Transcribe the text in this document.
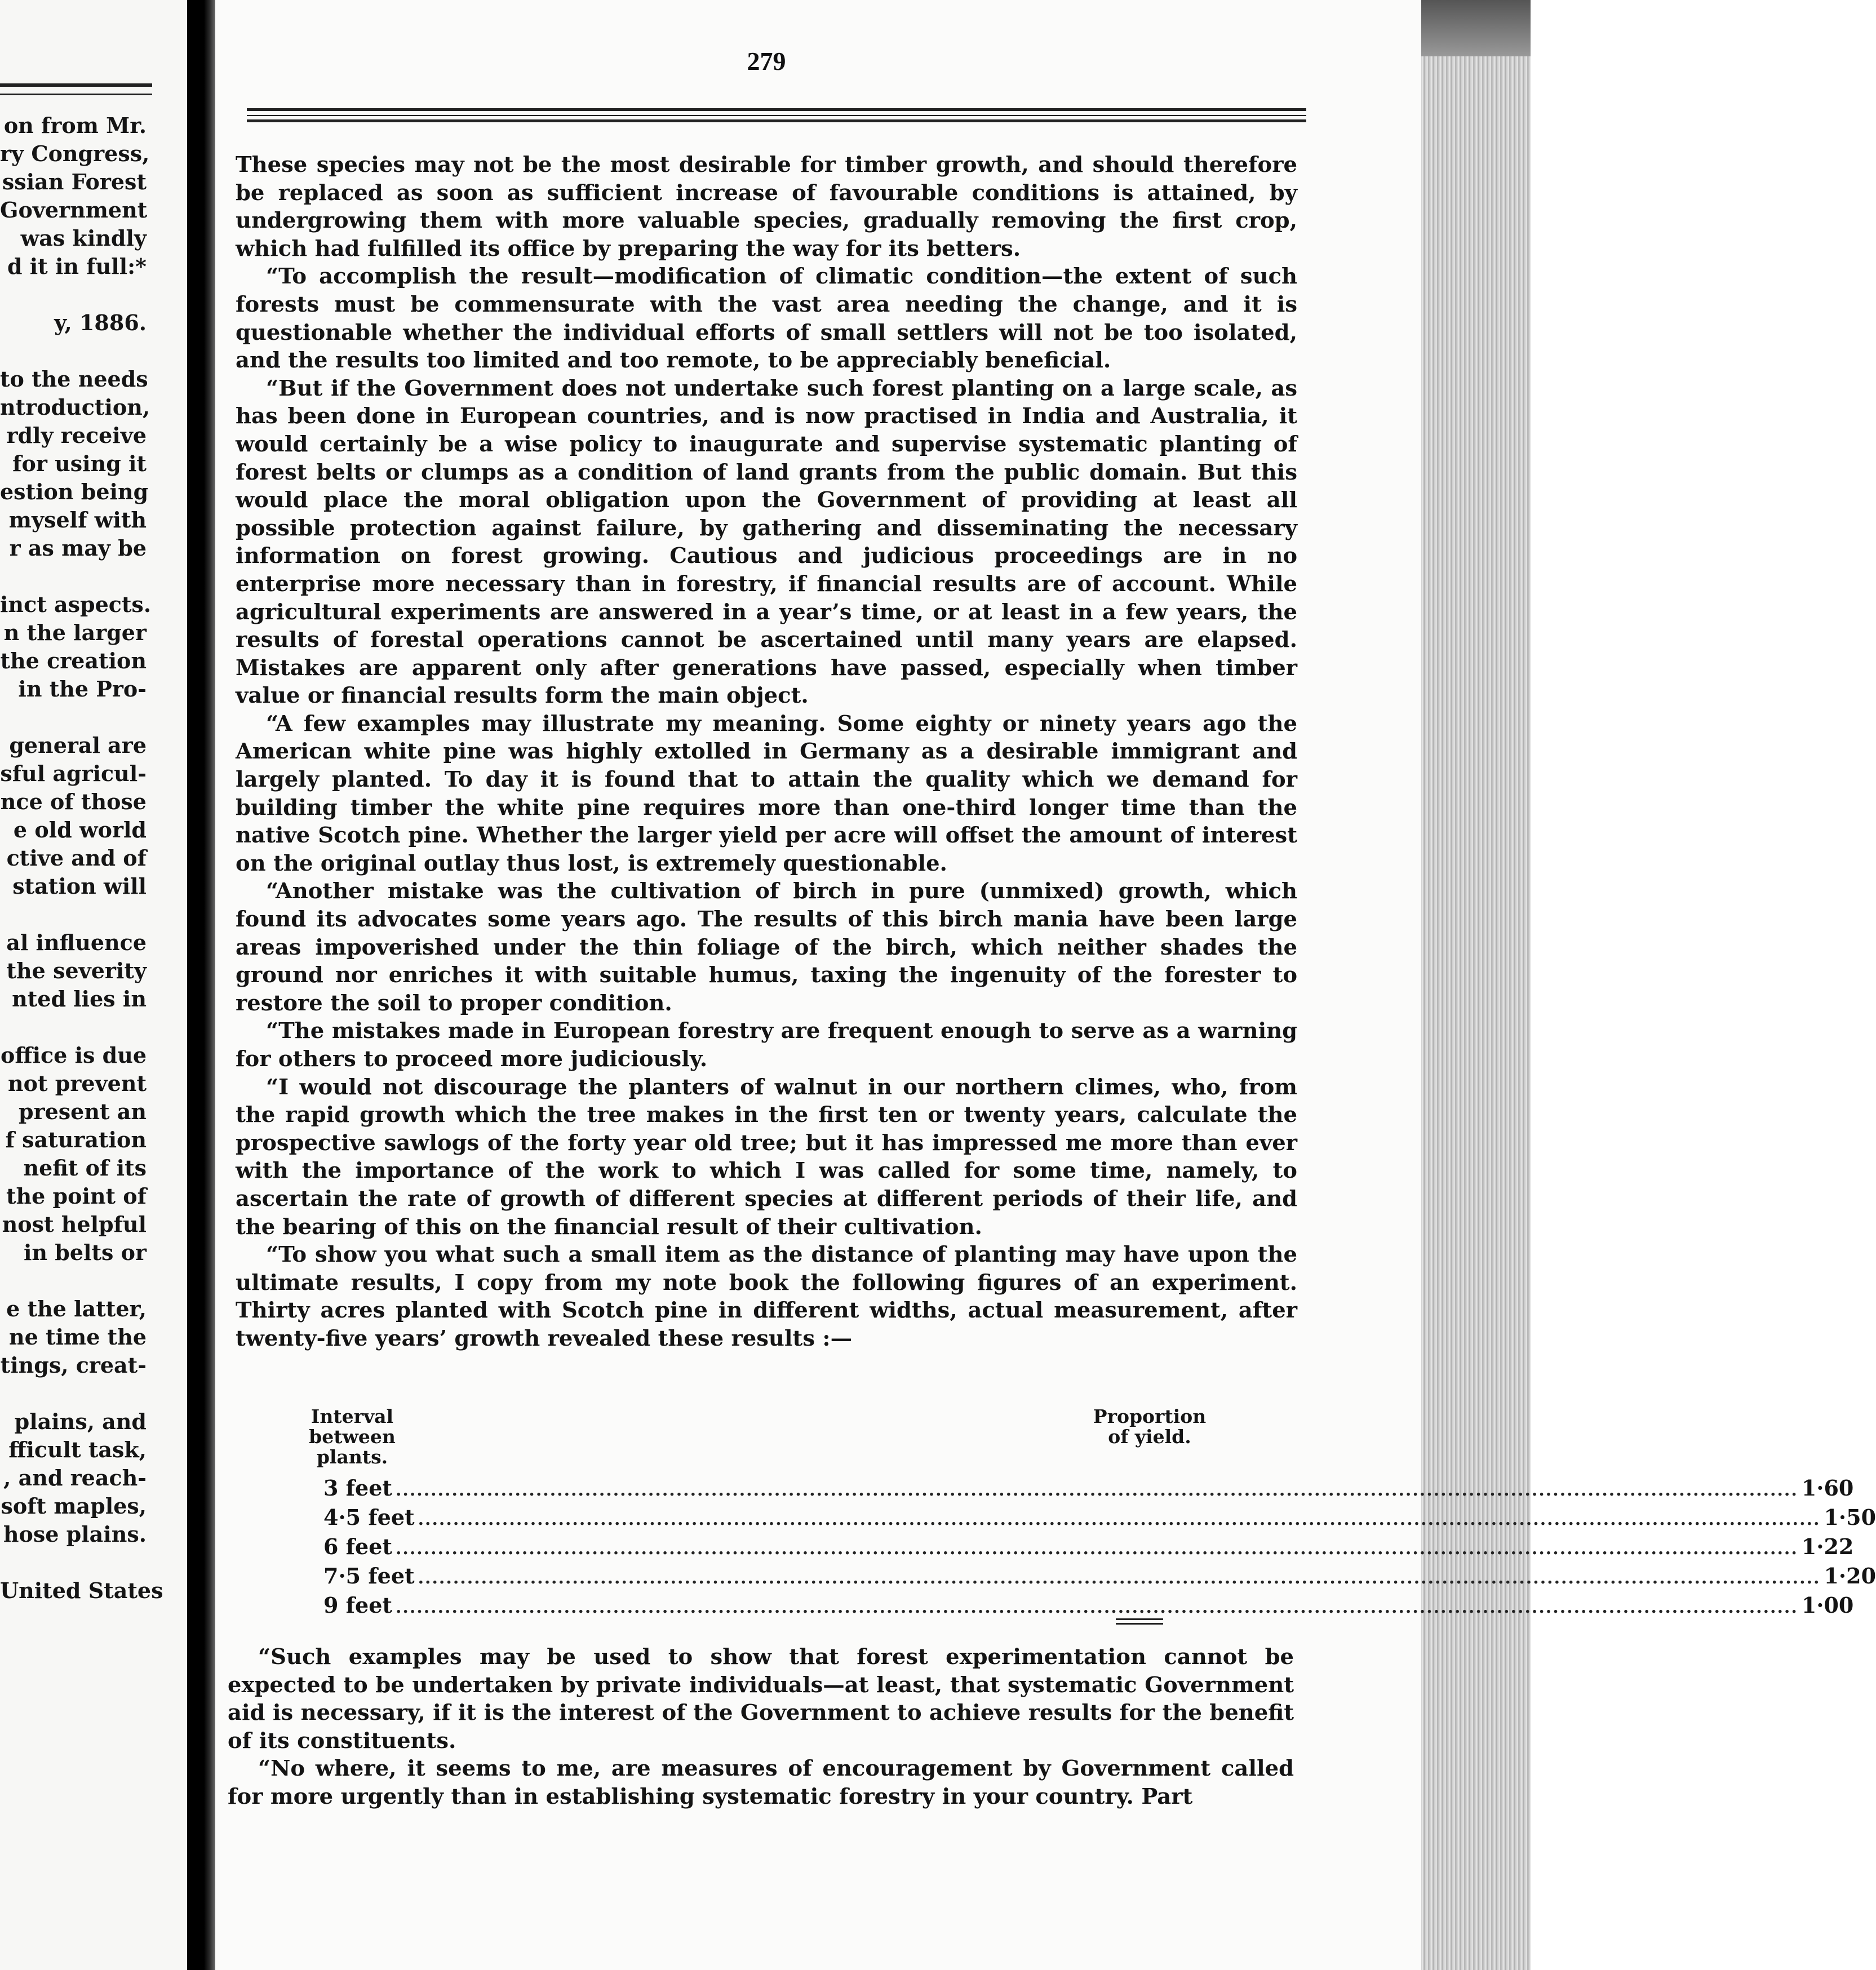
on from Mr.
ry Congress,
ssian Forest
Government
was kindly
d it in full:*
y, 1886.
to the needs
ntroduction,
rdly receive
for using it
estion being
myself with
r as may be
inct aspects.
n the larger
the creation
in the Pro-
general are
sful agricul-
nce of those
e old world
ctive and of
station will
al influence
the severity
nted lies in
office is due
not prevent
present an
f saturation
nefit of its
the point of
nost helpful
in belts or
e the latter,
ne time the
tings, creat-
plains, and
fficult task,
, and reach-
soft maples,
hose plains.
United States
279

These species may not be the most desirable for timber growth, and should therefore be replaced as soon as sufficient increase of favourable conditions is attained, by undergrowing them with more valuable species, gradually removing the first crop, which had fulfilled its office by preparing the way for its betters.

“To accomplish the result—modification of climatic condition—the extent of such forests must be commensurate with the vast area needing the change, and it is questionable whether the individual efforts of small settlers will not be too isolated, and the results too limited and too remote, to be appreciably beneficial.

“But if the Government does not undertake such forest planting on a large scale, as has been done in European countries, and is now practised in India and Australia, it would certainly be a wise policy to inaugurate and supervise systematic planting of forest belts or clumps as a condition of land grants from the public domain. But this would place the moral obligation upon the Government of providing at least all possible protection against failure, by gathering and disseminating the necessary information on forest growing. Cautious and judicious proceedings are in no enterprise more necessary than in forestry, if financial results are of account. While agricultural experiments are answered in a year’s time, or at least in a few years, the results of forestal operations cannot be ascertained until many years are elapsed. Mistakes are apparent only after generations have passed, especially when timber value or financial results form the main object.

“A few examples may illustrate my meaning. Some eighty or ninety years ago the American white pine was highly extolled in Germany as a desirable immigrant and largely planted. To day it is found that to attain the quality which we demand for building timber the white pine requires more than one-third longer time than the native Scotch pine. Whether the larger yield per acre will offset the amount of interest on the original outlay thus lost, is extremely questionable.

“Another mistake was the cultivation of birch in pure (unmixed) growth, which found its advocates some years ago. The results of this birch mania have been large areas impoverished under the thin foliage of the birch, which neither shades the ground nor enriches it with suitable humus, taxing the ingenuity of the forester to restore the soil to proper condition.

“The mistakes made in European forestry are frequent enough to serve as a warning for others to proceed more judiciously.

“I would not discourage the planters of walnut in our northern climes, who, from the rapid growth which the tree makes in the first ten or twenty years, calculate the prospective sawlogs of the forty year old tree; but it has impressed me more than ever with the importance of the work to which I was called for some time, namely, to ascertain the rate of growth of different species at different periods of their life, and the bearing of this on the financial result of their cultivation.

“To show you what such a small item as the distance of planting may have upon the ultimate results, I copy from my note book the following figures of an experiment. Thirty acres planted with Scotch pine in different widths, actual measurement, after twenty-five years’ growth revealed these results :—

Interval
between plants.
Proportion
of yield.
3 feet ........................................................................................................................................................................................................ 1·60
4·5 feet ........................................................................................................................................................................................................ 1·50
6 feet ........................................................................................................................................................................................................ 1·22
7·5 feet ........................................................................................................................................................................................................ 1·20
9 feet ........................................................................................................................................................................................................ 1·00

“Such examples may be used to show that forest experimentation cannot be expected to be undertaken by private individuals—at least, that systematic Government aid is necessary, if it is the interest of the Government to achieve results for the benefit of its constituents.

“No where, it seems to me, are measures of encouragement by Government called for more urgently than in establishing systematic forestry in your country. Part
